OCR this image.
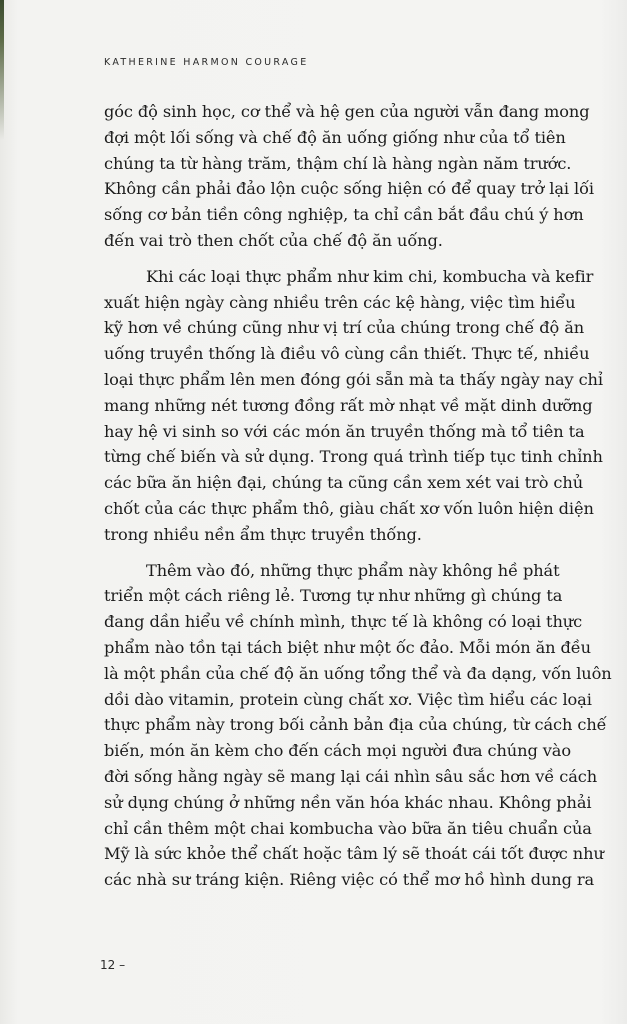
KATHERINE HARMON COURAGE
góc độ sinh học, cơ thể và hệ gen của người vẫn đang mong
đợi một lối sống và chế độ ăn uống giống như của tổ tiên
chúng ta từ hàng trăm, thậm chí là hàng ngàn năm trước.
Không cần phải đảo lộn cuộc sống hiện có để quay trở lại lối
sống cơ bản tiền công nghiệp, ta chỉ cần bắt đầu chú ý hơn
đến vai trò then chốt của chế độ ăn uống.
Khi các loại thực phẩm như kim chi, kombucha và kefir
xuất hiện ngày càng nhiều trên các kệ hàng, việc tìm hiểu
kỹ hơn về chúng cũng như vị trí của chúng trong chế độ ăn
uống truyền thống là điều vô cùng cần thiết. Thực tế, nhiều
loại thực phẩm lên men đóng gói sẵn mà ta thấy ngày nay chỉ
mang những nét tương đồng rất mờ nhạt về mặt dinh dưỡng
hay hệ vi sinh so với các món ăn truyền thống mà tổ tiên ta
từng chế biến và sử dụng. Trong quá trình tiếp tục tinh chỉnh
các bữa ăn hiện đại, chúng ta cũng cần xem xét vai trò chủ
chốt của các thực phẩm thô, giàu chất xơ vốn luôn hiện diện
trong nhiều nền ẩm thực truyền thống.
Thêm vào đó, những thực phẩm này không hề phát
triển một cách riêng lẻ. Tương tự như những gì chúng ta
đang dần hiểu về chính mình, thực tế là không có loại thực
phẩm nào tồn tại tách biệt như một ốc đảo. Mỗi món ăn đều
là một phần của chế độ ăn uống tổng thể và đa dạng, vốn luôn
dồi dào vitamin, protein cùng chất xơ. Việc tìm hiểu các loại
thực phẩm này trong bối cảnh bản địa của chúng, từ cách chế
biến, món ăn kèm cho đến cách mọi người đưa chúng vào
đời sống hằng ngày sẽ mang lại cái nhìn sâu sắc hơn về cách
sử dụng chúng ở những nền văn hóa khác nhau. Không phải
chỉ cần thêm một chai kombucha vào bữa ăn tiêu chuẩn của
Mỹ là sức khỏe thể chất hoặc tâm lý sẽ thoát cái tốt được như
các nhà sư tráng kiện. Riêng việc có thể mơ hồ hình dung ra
12 –
